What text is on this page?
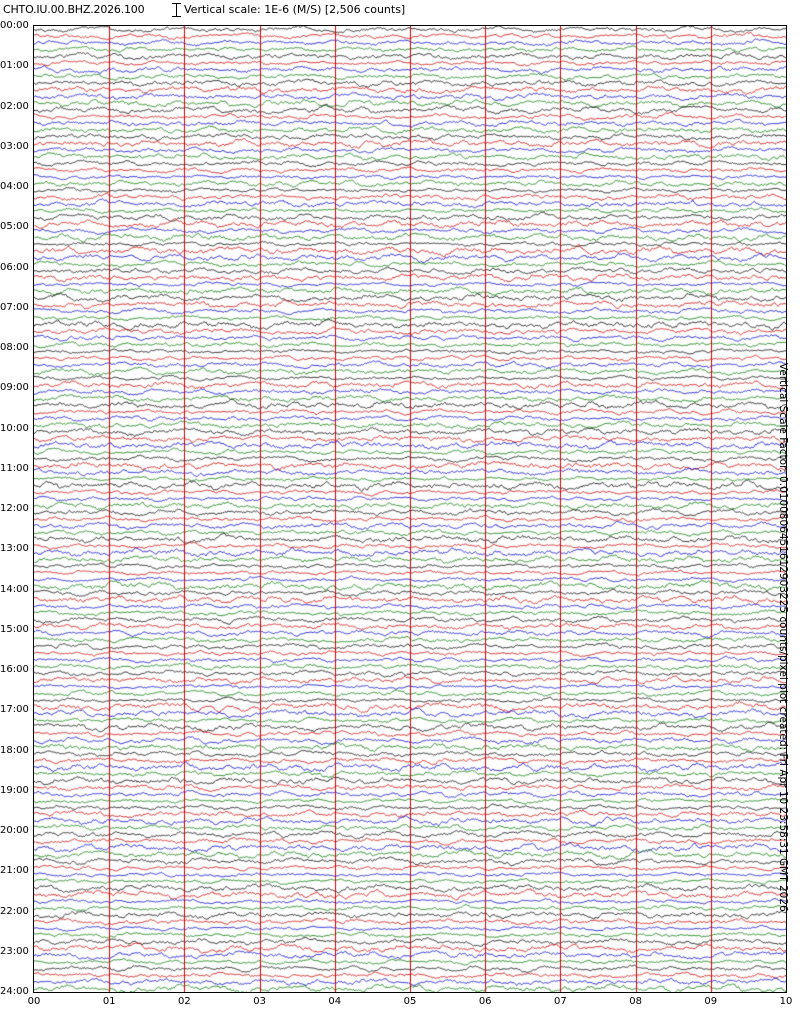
CHTO.IU.00.BHZ.2026.100	Vertical scale: 1E-6 (M/S) [2,506 counts]
00:00
01:00
02:00
03:00
04:00
05:00
06:00
07:00
08:00
09:00
10:00
11:00
12:00
13:00
14:00
15:00
16:00
17:00
18:00
19:00
20:00
21:00
22:00
23:00
24:00
00	01	02	03	04	05	06	07	08	09	10
Vertical Scale Factor: 0.0100806451612903225 counts/pixel plot created: Fri Apr 10 23:58:31 GMT 2026
